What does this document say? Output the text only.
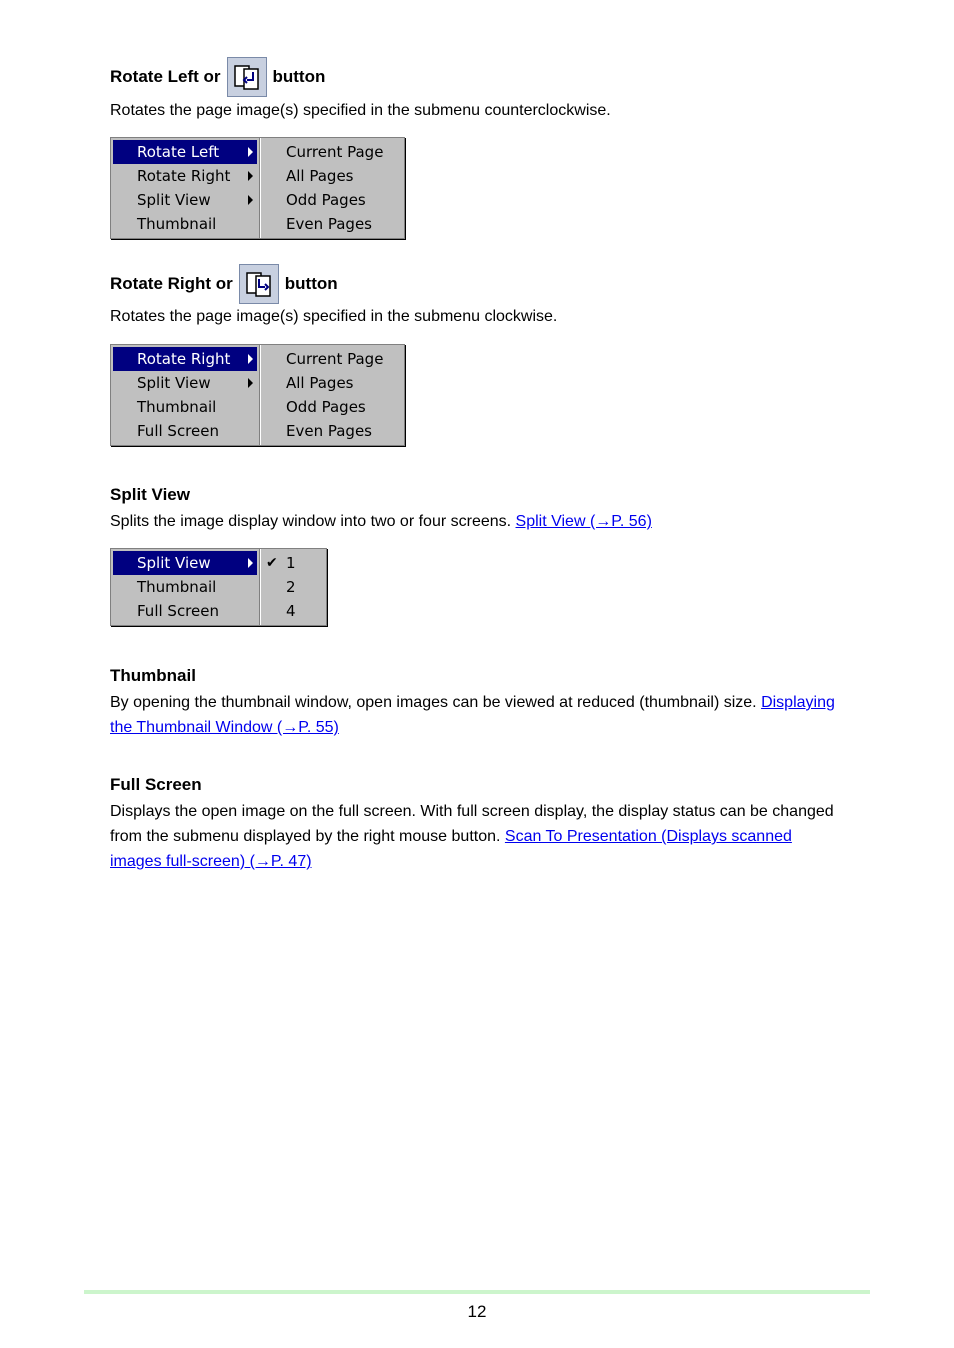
Rotate Left or	button
Rotates the page image(s) specified in the submenu counterclockwise.
Rotate Left
Rotate Right
Split View
Thumbnail
Current Page
All Pages
Odd Pages
Even Pages
Rotate Right or	button
Rotates the page image(s) specified in the submenu clockwise.
Rotate Right
Split View
Thumbnail
Full Screen
Current Page
All Pages
Odd Pages
Even Pages
Split View
Splits the image display window into two or four screens. Split View (→P. 56)
Split View
Thumbnail
Full Screen
✔ 1
2
4
Thumbnail
By opening the thumbnail window, open images can be viewed at reduced (thumbnail) size. Displaying
the Thumbnail Window (→P. 55)
Full Screen
Displays the open image on the full screen. With full screen display, the display status can be changed
from the submenu displayed by the right mouse button. Scan To Presentation (Displays scanned
images full-screen) (→P. 47)
12
